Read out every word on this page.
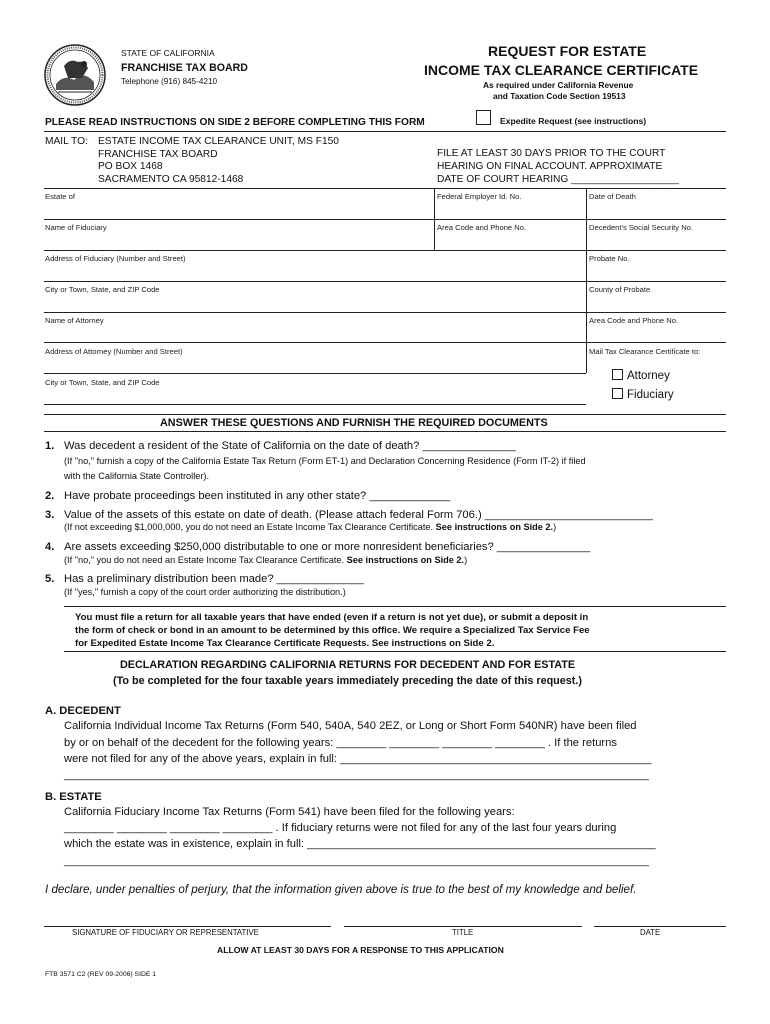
STATE OF CALIFORNIA
FRANCHISE TAX BOARD
Telephone (916) 845-4210
REQUEST FOR ESTATE
INCOME TAX CLEARANCE CERTIFICATE
As required under California Revenue
and Taxation Code Section 19513
PLEASE READ INSTRUCTIONS ON SIDE 2 BEFORE COMPLETING THIS FORM	Expedite Request (see instructions)
MAIL TO: ESTATE INCOME TAX CLEARANCE UNIT, MS F150
FRANCHISE TAX BOARD
PO BOX 1468
SACRAMENTO CA 95812-1468
FILE AT LEAST 30 DAYS PRIOR TO THE COURT
HEARING ON FINAL ACCOUNT. APPROXIMATE
DATE OF COURT HEARING ___________________
Estate of	Federal Employer Id. No.	Date of Death
Name of Fiduciary	Area Code and Phone No.	Decedent's Social Security No.
Address of Fiduciary (Number and Street)	Probate No.
City or Town, State, and ZIP Code	County of Probate
Name of Attorney	Area Code and Phone No.
Address of Attorney (Number and Street)	Mail Tax Clearance Certificate to:
City or Town, State, and ZIP Code
Attorney
Fiduciary
ANSWER THESE QUESTIONS AND FURNISH THE REQUIRED DOCUMENTS
1. Was decedent a resident of the State of California on the date of death? _______________
(If "no," furnish a copy of the California Estate Tax Return (Form ET-1) and Declaration Concerning Residence (Form IT-2) if filed
with the California State Controller).
2. Have probate proceedings been instituted in any other state? _____________
3. Value of the assets of this estate on date of death. (Please attach federal Form 706.) ___________________________
(If not exceeding $1,000,000, you do not need an Estate Income Tax Clearance Certificate. See instructions on Side 2.)
4. Are assets exceeding $250,000 distributable to one or more nonresident beneficiaries? _______________
(If "no," you do not need an Estate Income Tax Clearance Certificate. See instructions on Side 2.)
5. Has a preliminary distribution been made? ______________
(If "yes," furnish a copy of the court order authorizing the distribution.)
You must file a return for all taxable years that have ended (even if a return is not yet due), or submit a deposit in
the form of check or bond in an amount to be determined by this office. We require a Specialized Tax Service Fee
for Expedited Estate Income Tax Clearance Certificate Requests. See instructions on Side 2.
DECLARATION REGARDING CALIFORNIA RETURNS FOR DECEDENT AND FOR ESTATE
(To be completed for the four taxable years immediately preceding the date of this request.)
A. DECEDENT
California Individual Income Tax Returns (Form 540, 540A, 540 2EZ, or Long or Short Form 540NR) have been filed
by or on behalf of the decedent for the following years: ________ ________ ________ ________ . If the returns
were not filed for any of the above years, explain in full: __________________________________________________
______________________________________________________________________________________________
B. ESTATE
California Fiduciary Income Tax Returns (Form 541) have been filed for the following years:
________ ________ ________ ________ . If fiduciary returns were not filed for any of the last four years during
which the estate was in existence, explain in full: ________________________________________________________
______________________________________________________________________________________________
I declare, under penalties of perjury, that the information given above is true to the best of my knowledge and belief.
SIGNATURE OF FIDUCIARY OR REPRESENTATIVE	TITLE	DATE
ALLOW AT LEAST 30 DAYS FOR A RESPONSE TO THIS APPLICATION
FTB 3571 C2 (REV 09-2006) SIDE 1
